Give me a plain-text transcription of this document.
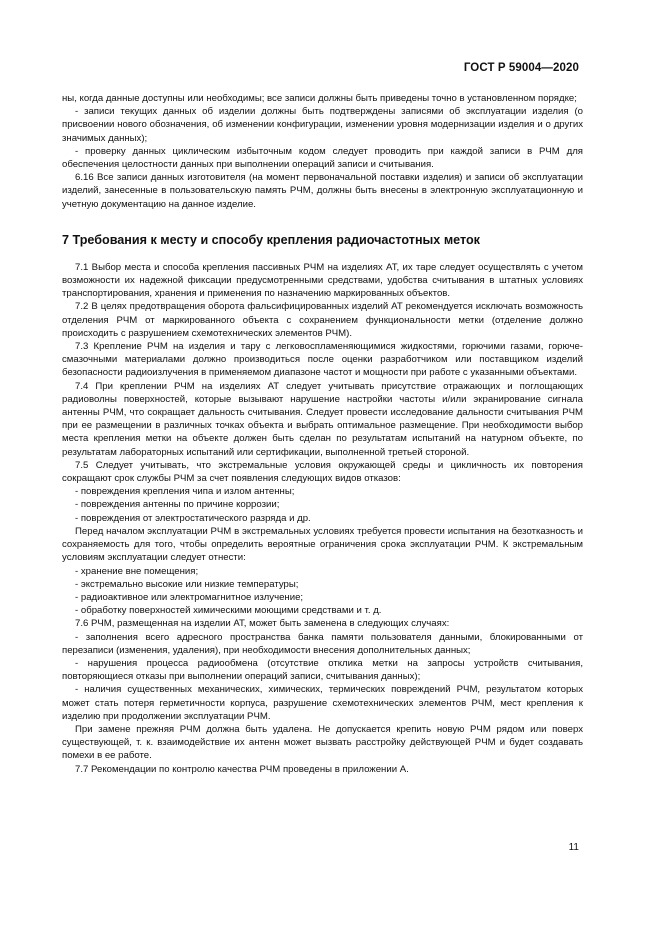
ГОСТ Р 59004—2020

ны, когда данные доступны или необходимы; все записи должны быть приведены точно в установленном порядке;

- записи текущих данных об изделии должны быть подтверждены записями об эксплуатации изделия (о присвоении нового обозначения, об изменении конфигурации, изменении уровня модернизации изделия и о других значимых данных);

- проверку данных циклическим избыточным кодом следует проводить при каждой записи в РЧМ для обеспечения целостности данных при выполнении операций записи и считывания.

6.16 Все записи данных изготовителя (на момент первоначальной поставки изделия) и записи об эксплуатации изделий, занесенные в пользовательскую память РЧМ, должны быть внесены в электронную эксплуатационную и учетную документацию на данное изделие.

7 Требования к месту и способу крепления радиочастотных меток

7.1 Выбор места и способа крепления пассивных РЧМ на изделиях АТ, их таре следует осуществлять с учетом возможности их надежной фиксации предусмотренными средствами, удобства считывания в штатных условиях транспортирования, хранения и применения по назначению маркированных объектов.

7.2 В целях предотвращения оборота фальсифицированных изделий АТ рекомендуется исключать возможность отделения РЧМ от маркированного объекта с сохранением функциональности метки (отделение должно происходить с разрушением схемотехнических элементов РЧМ).

7.3 Крепление РЧМ на изделия и тару с легковоспламеняющимися жидкостями, горючими газами, горюче-смазочными материалами должно производиться после оценки разработчиком или поставщиком изделий безопасности радиоизлучения в применяемом диапазоне частот и мощности при работе с указанными объектами.

7.4 При креплении РЧМ на изделиях АТ следует учитывать присутствие отражающих и поглощающих радиоволны поверхностей, которые вызывают нарушение настройки частоты и/или экранирование сигнала антенны РЧМ, что сокращает дальность считывания. Следует провести исследование дальности считывания РЧМ при ее размещении в различных точках объекта и выбрать оптимальное размещение. При необходимости выбор места крепления метки на объекте должен быть сделан по результатам испытаний на натурном объекте, по результатам лабораторных испытаний или сертификации, выполненной третьей стороной.

7.5 Следует учитывать, что экстремальные условия окружающей среды и цикличность их повторения сокращают срок службы РЧМ за счет появления следующих видов отказов:

- повреждения крепления чипа и излом антенны;

- повреждения антенны по причине коррозии;

- повреждения от электростатического разряда и др.

Перед началом эксплуатации РЧМ в экстремальных условиях требуется провести испытания на безотказность и сохраняемость для того, чтобы определить вероятные ограничения срока эксплуатации РЧМ. К экстремальным условиям эксплуатации следует отнести:

- хранение вне помещения;

- экстремально высокие или низкие температуры;

- радиоактивное или электромагнитное излучение;

- обработку поверхностей химическими моющими средствами и т. д.

7.6 РЧМ, размещенная на изделии АТ, может быть заменена в следующих случаях:

- заполнения всего адресного пространства банка памяти пользователя данными, блокированными от перезаписи (изменения, удаления), при необходимости внесения дополнительных данных;

- нарушения процесса радиообмена (отсутствие отклика метки на запросы устройств считывания, повторяющиеся отказы при выполнении операций записи, считывания данных);

- наличия существенных механических, химических, термических повреждений РЧМ, результатом которых может стать потеря герметичности корпуса, разрушение схемотехнических элементов РЧМ, мест крепления к изделию при продолжении эксплуатации РЧМ.

При замене прежняя РЧМ должна быть удалена. Не допускается крепить новую РЧМ рядом или поверх существующей, т. к. взаимодействие их антенн может вызвать расстройку действующей РЧМ и будет создавать помехи в ее работе.

7.7 Рекомендации по контролю качества РЧМ проведены в приложении А.

11
